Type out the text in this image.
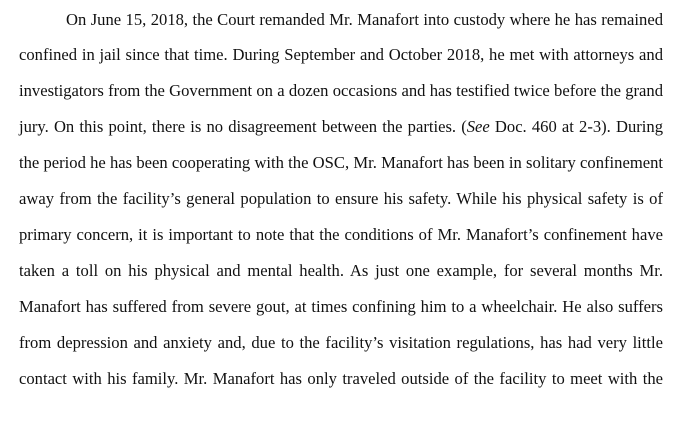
On June 15, 2018, the Court remanded Mr. Manafort into custody where he has remained
confined in jail since that time. During September and October 2018, he met with attorneys and
investigators from the Government on a dozen occasions and has testified twice before the grand
jury. On this point, there is no disagreement between the parties. (See Doc. 460 at 2-3). During
the period he has been cooperating with the OSC, Mr. Manafort has been in solitary confinement
away from the facility’s general population to ensure his safety. While his physical safety is of
primary concern, it is important to note that the conditions of Mr. Manafort’s confinement have
taken a toll on his physical and mental health. As just one example, for several months Mr.
Manafort has suffered from severe gout, at times confining him to a wheelchair. He also suffers
from depression and anxiety and, due to the facility’s visitation regulations, has had very little
contact with his family. Mr. Manafort has only traveled outside of the facility to meet with the
